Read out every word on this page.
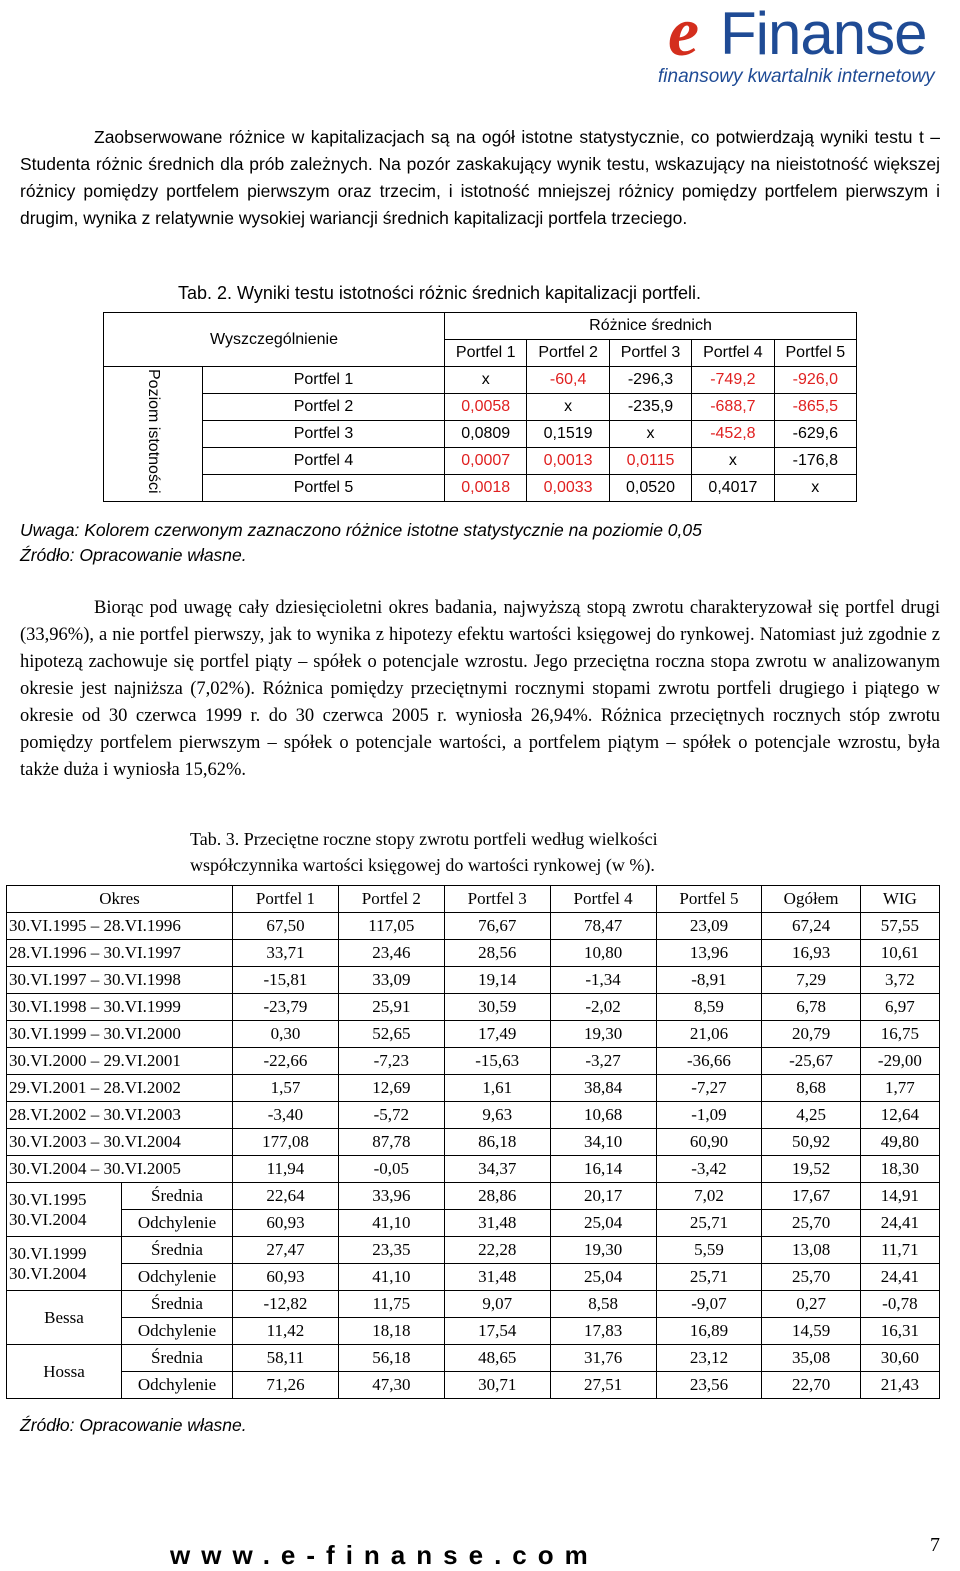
e Finanse
finansowy kwartalnik internetowy

Zaobserwowane różnice w kapitalizacjach są na ogół istotne statystycznie, co potwierdzają wyniki testu t – Studenta różnic średnich dla prób zależnych. Na pozór zaskakujący wynik testu, wskazujący na nieistotność większej różnicy pomiędzy portfelem pierwszym oraz trzecim, i istotność mniejszej różnicy pomiędzy portfelem pierwszym i drugim, wynika z relatywnie wysokiej wariancji średnich kapitalizacji portfela trzeciego.

Tab. 2. Wyniki testu istotności różnic średnich kapitalizacji portfeli.
Wyszczególnienie		Różnice średnich				
		Portfel 1	Portfel 2	Portfel 3	Portfel 4	Portfel 5
Poziom istotności	Portfel 1	x	-60,4	-296,3	-749,2	-926,0
	Portfel 2	0,0058	x	-235,9	-688,7	-865,5
	Portfel 3	0,0809	0,1519	x	-452,8	-629,6
	Portfel 4	0,0007	0,0013	0,0115	x	-176,8
	Portfel 5	0,0018	0,0033	0,0520	0,4017	x
Uwaga: Kolorem czerwonym zaznaczono różnice istotne statystycznie na poziomie 0,05
Źródło: Opracowanie własne.

Biorąc pod uwagę cały dziesięcioletni okres badania, najwyższą stopą zwrotu charakteryzował się portfel drugi (33,96%), a nie portfel pierwszy, jak to wynika z hipotezy efektu wartości księgowej do rynkowej. Natomiast już zgodnie z hipotezą zachowuje się portfel piąty – spółek o potencjale wzrostu. Jego przeciętna roczna stopa zwrotu w analizowanym okresie jest najniższa (7,02%). Różnica pomiędzy przeciętnymi rocznymi stopami zwrotu portfeli drugiego i piątego w okresie od 30 czerwca 1999 r. do 30 czerwca 2005 r. wyniosła 26,94%. Różnica przeciętnych rocznych stóp zwrotu pomiędzy portfelem pierwszym – spółek o potencjale wartości, a portfelem piątym – spółek o potencjale wzrostu, była także duża i wyniosła 15,62%.

Tab. 3. Przeciętne roczne stopy zwrotu portfeli według wielkości
współczynnika wartości księgowej do wartości rynkowej (w %).
Okres		Portfel 1	Portfel 2	Portfel 3	Portfel 4	Portfel 5	Ogółem	WIG
30.VI.1995 – 28.VI.1996		67,50	117,05	76,67	78,47	23,09	67,24	57,55
28.VI.1996 – 30.VI.1997		33,71	23,46	28,56	10,80	13,96	16,93	10,61
30.VI.1997 – 30.VI.1998		-15,81	33,09	19,14	-1,34	-8,91	7,29	3,72
30.VI.1998 – 30.VI.1999		-23,79	25,91	30,59	-2,02	8,59	6,78	6,97
30.VI.1999 – 30.VI.2000		0,30	52,65	17,49	19,30	21,06	20,79	16,75
30.VI.2000 – 29.VI.2001		-22,66	-7,23	-15,63	-3,27	-36,66	-25,67	-29,00
29.VI.2001 – 28.VI.2002		1,57	12,69	1,61	38,84	-7,27	8,68	1,77
28.VI.2002 – 30.VI.2003		-3,40	-5,72	9,63	10,68	-1,09	4,25	12,64
30.VI.2003 – 30.VI.2004		177,08	87,78	86,18	34,10	60,90	50,92	49,80
30.VI.2004 – 30.VI.2005		11,94	-0,05	34,37	16,14	-3,42	19,52	18,30

30.VI.1995
30.VI.2004	Średnia	22,64	33,96	28,86	20,17	7,02	17,67	14,91
	Odchylenie	60,93	41,10	31,48	25,04	25,71	25,70	24,41

30.VI.1999
30.VI.2004	Średnia	27,47	23,35	22,28	19,30	5,59	13,08	11,71
	Odchylenie	60,93	41,10	31,48	25,04	25,71	25,70	24,41

Bessa	Średnia	-12,82	11,75	9,07	8,58	-9,07	0,27	-0,78
	Odchylenie	11,42	18,18	17,54	17,83	16,89	14,59	16,31

Hossa	Średnia	58,11	56,18	48,65	31,76	23,12	35,08	30,60
	Odchylenie	71,26	47,30	30,71	27,51	23,56	22,70	21,43
Źródło: Opracowanie własne.
www.e-finanse.com	7
